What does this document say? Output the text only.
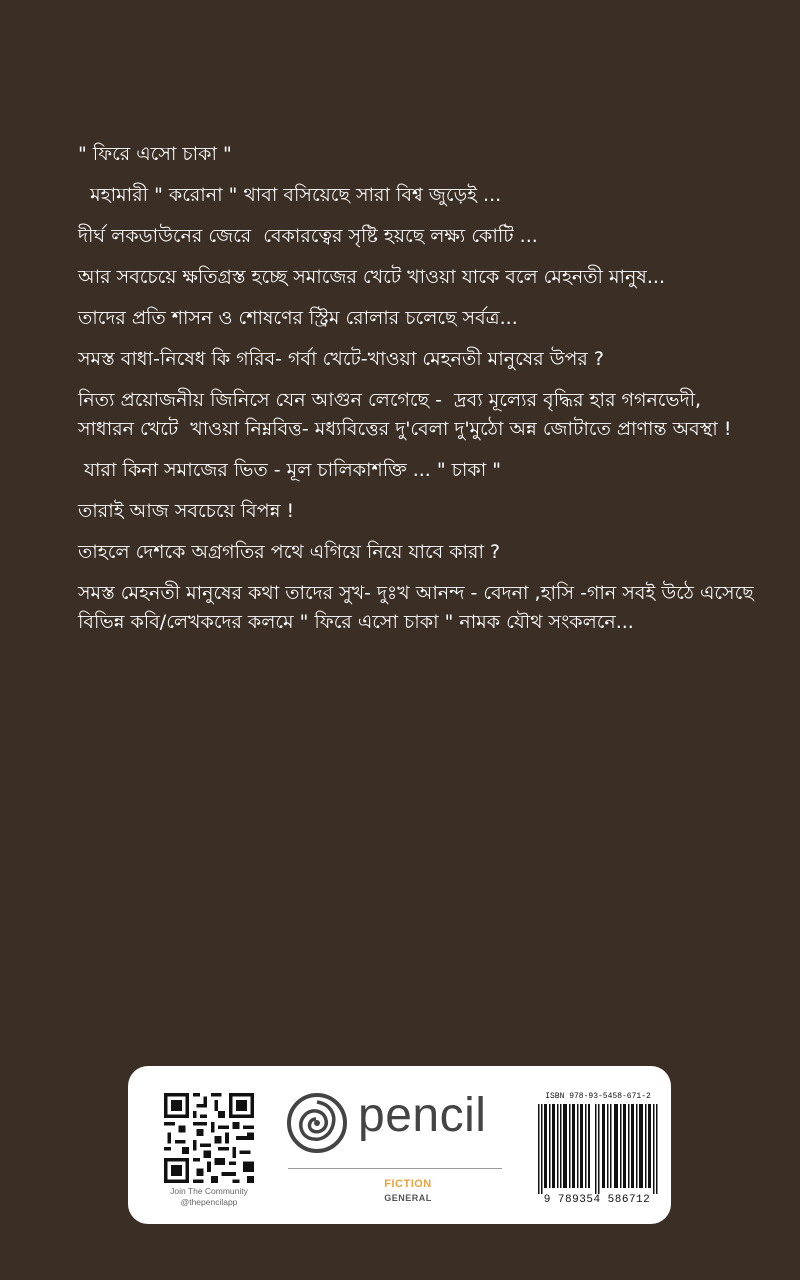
" ফিরে এসো চাকা "

মহামারী " করোনা " থাবা বসিয়েছে সারা বিশ্ব জুড়েই ...

দীর্ঘ লকডাউনের জেরে  বেকারত্বের সৃষ্টি হয়ছে লক্ষ্য কোটি ...

আর সবচেয়ে ক্ষতিগ্রস্ত হচ্ছে সমাজের খেটে খাওয়া যাকে বলে মেহনতী মানুষ...

তাদের প্রতি শাসন ও শোষণের স্ট্রিম রোলার চলেছে সর্বত্র...

সমস্ত বাধা-নিষেধ কি গরিব- গর্বা খেটে-খাওয়া মেহনতী মানুষের উপর ?

নিত্য প্রয়োজনীয় জিনিসে যেন আগুন লেগেছে -  দ্রব্য মূল্যের বৃদ্ধির হার গগনভেদী,  সাধারন খেটে  খাওয়া নিম্নবিত্ত- মধ্যবিত্তের দু'বেলা দু'মুঠো অন্ন জোটাতে প্রাণান্ত অবস্থা !

যারা কিনা সমাজের ভিত - মূল চালিকাশক্তি ... " চাকা "

তারাই আজ সবচেয়ে বিপন্ন !

তাহলে দেশকে অগ্রগতির পথে এগিয়ে নিয়ে যাবে কারা ?

সমস্ত মেহনতী মানুষের কথা তাদের সুখ- দুঃখ আনন্দ - বেদনা ,হাসি -গান সবই উঠে এসেছে বিভিন্ন কবি/লেখকদের কলমে " ফিরে এসো চাকা " নামক যৌথ সংকলনে...

Join The Community
@thepencilapp
pencil
FICTION
GENERAL
ISBN 978-93-5458-671-2
9 789354 586712
